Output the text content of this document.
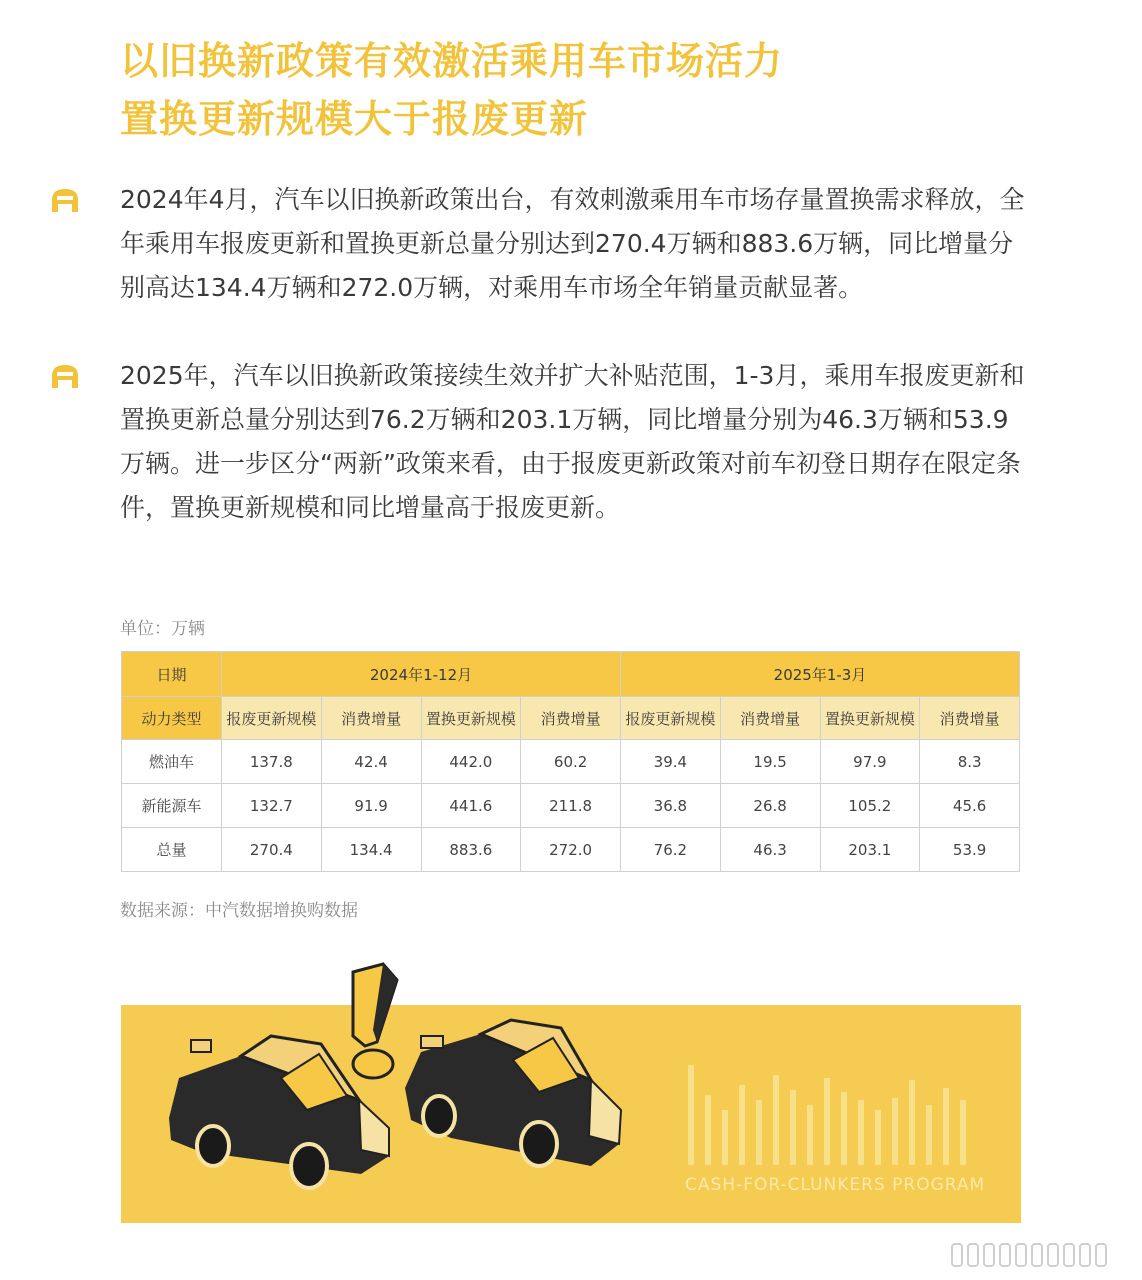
以旧换新政策有效激活乘用车市场活力
置换更新规模大于报废更新

2024年4月，汽车以旧换新政策出台，有效刺激乘用车市场存量置换需求释放，全年乘用车报废更新和置换更新总量分别达到270.4万辆和883.6万辆，同比增量分别高达134.4万辆和272.0万辆，对乘用车市场全年销量贡献显著。

2025年，汽车以旧换新政策接续生效并扩大补贴范围，1-3月，乘用车报废更新和置换更新总量分别达到76.2万辆和203.1万辆，同比增量分别为46.3万辆和53.9万辆。进一步区分“两新”政策来看，由于报废更新政策对前车初登日期存在限定条件，置换更新规模和同比增量高于报废更新。

单位：万辆
日期	2024年1-12月				2025年1-3月			
动力类型	报废更新规模	消费增量	置换更新规模	消费增量	报废更新规模	消费增量	置换更新规模	消费增量
燃油车	137.8	42.4	442.0	60.2	39.4	19.5	97.9	8.3
新能源车	132.7	91.9	441.6	211.8	36.8	26.8	105.2	45.6
总量	270.4	134.4	883.6	272.0	76.2	46.3	203.1	53.9
数据来源：中汽数据增换购数据
CASH-FOR-CLUNKERS PROGRAM
